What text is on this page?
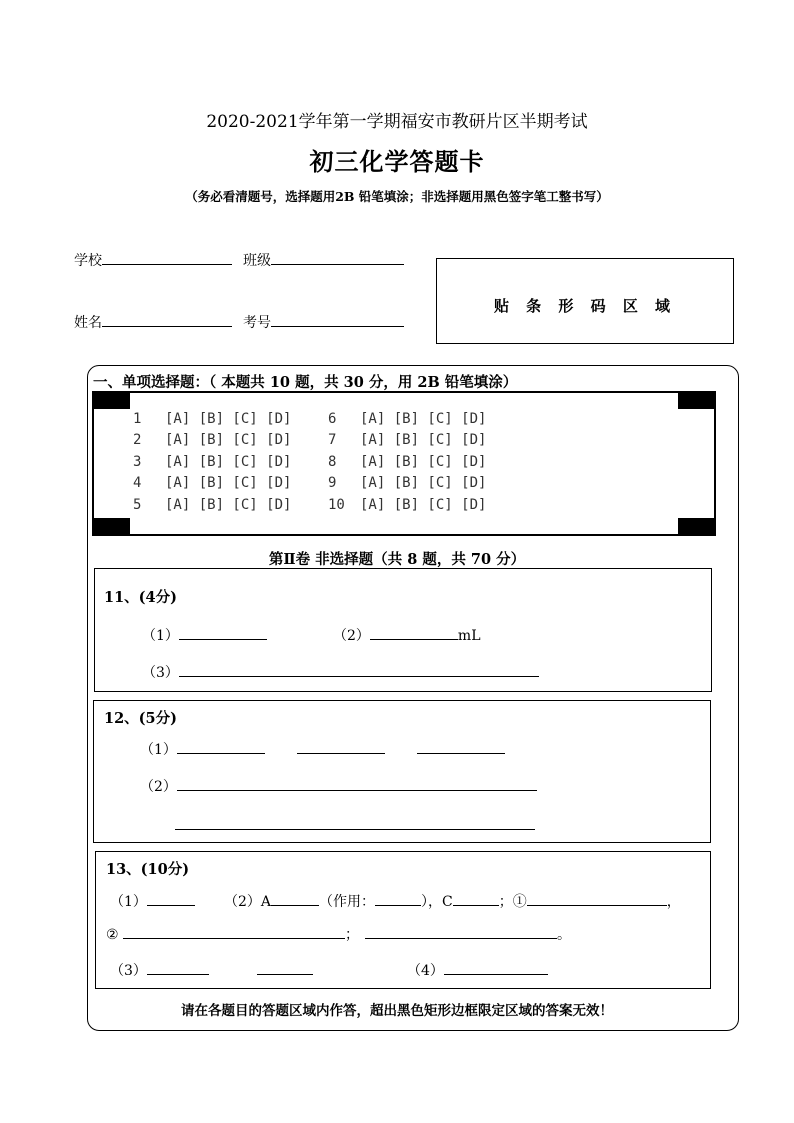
2020-2021学年第一学期福安市教研片区半期考试
初三化学答题卡
（务必看清题号，选择题用2B 铅笔填涂；非选择题用黑色签字笔工整书写）
学校	班级
姓名	考号
贴 条 形 码 区 域
一、单项选择题：（ 本题共 10 题，共 30 分，用 2B 铅笔填涂）
1 [A] [B] [C] [D]	6 [A] [B] [C] [D]
2 [A] [B] [C] [D]	7 [A] [B] [C] [D]
3 [A] [B] [C] [D]	8 [A] [B] [C] [D]
4 [A] [B] [C] [D]	9 [A] [B] [C] [D]
5 [A] [B] [C] [D]	10 [A] [B] [C] [D]
第Ⅱ卷 非选择题（共 8 题，共 70 分）
11、(4分)
（1）	（2）	mL
（3）
12、(5分)
（1）
（2）
13、(10分)
（1）	（2）A	（作用：	），C	；①	，
②	；	。
（3）	（4）
请在各题目的答题区域内作答，超出黑色矩形边框限定区域的答案无效！
